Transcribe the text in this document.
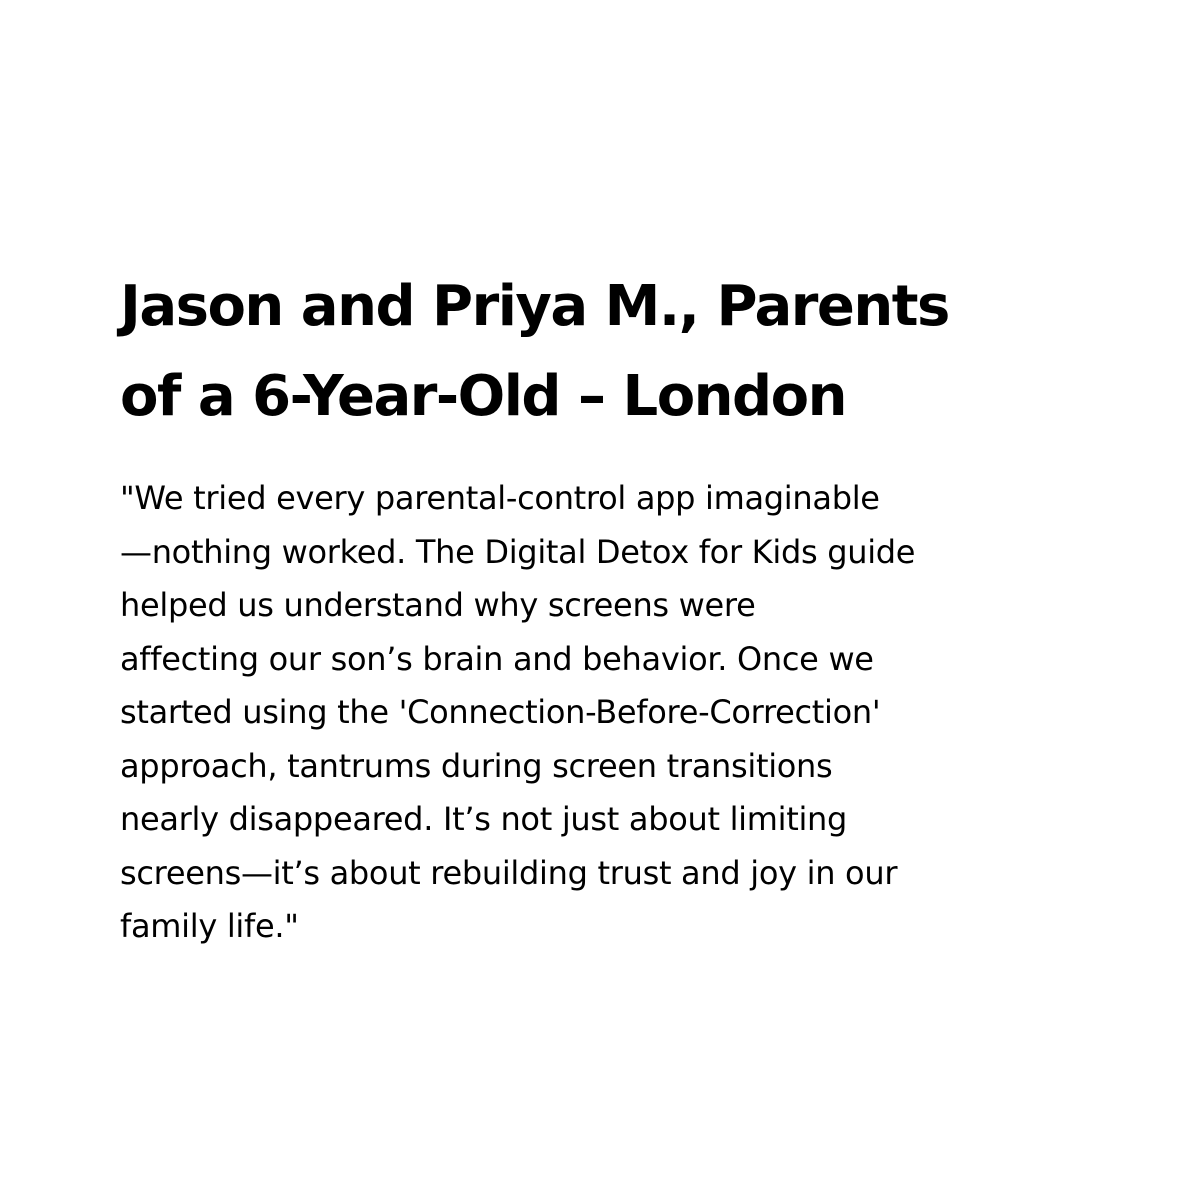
Jason and Priya M., Parents
of a 6-Year-Old – London

"We tried every parental-control app imaginable
—nothing worked. The Digital Detox for Kids guide
helped us understand why screens were
affecting our son’s brain and behavior. Once we
started using the 'Connection-Before-Correction'
approach, tantrums during screen transitions
nearly disappeared. It’s not just about limiting
screens—it’s about rebuilding trust and joy in our
family life."
